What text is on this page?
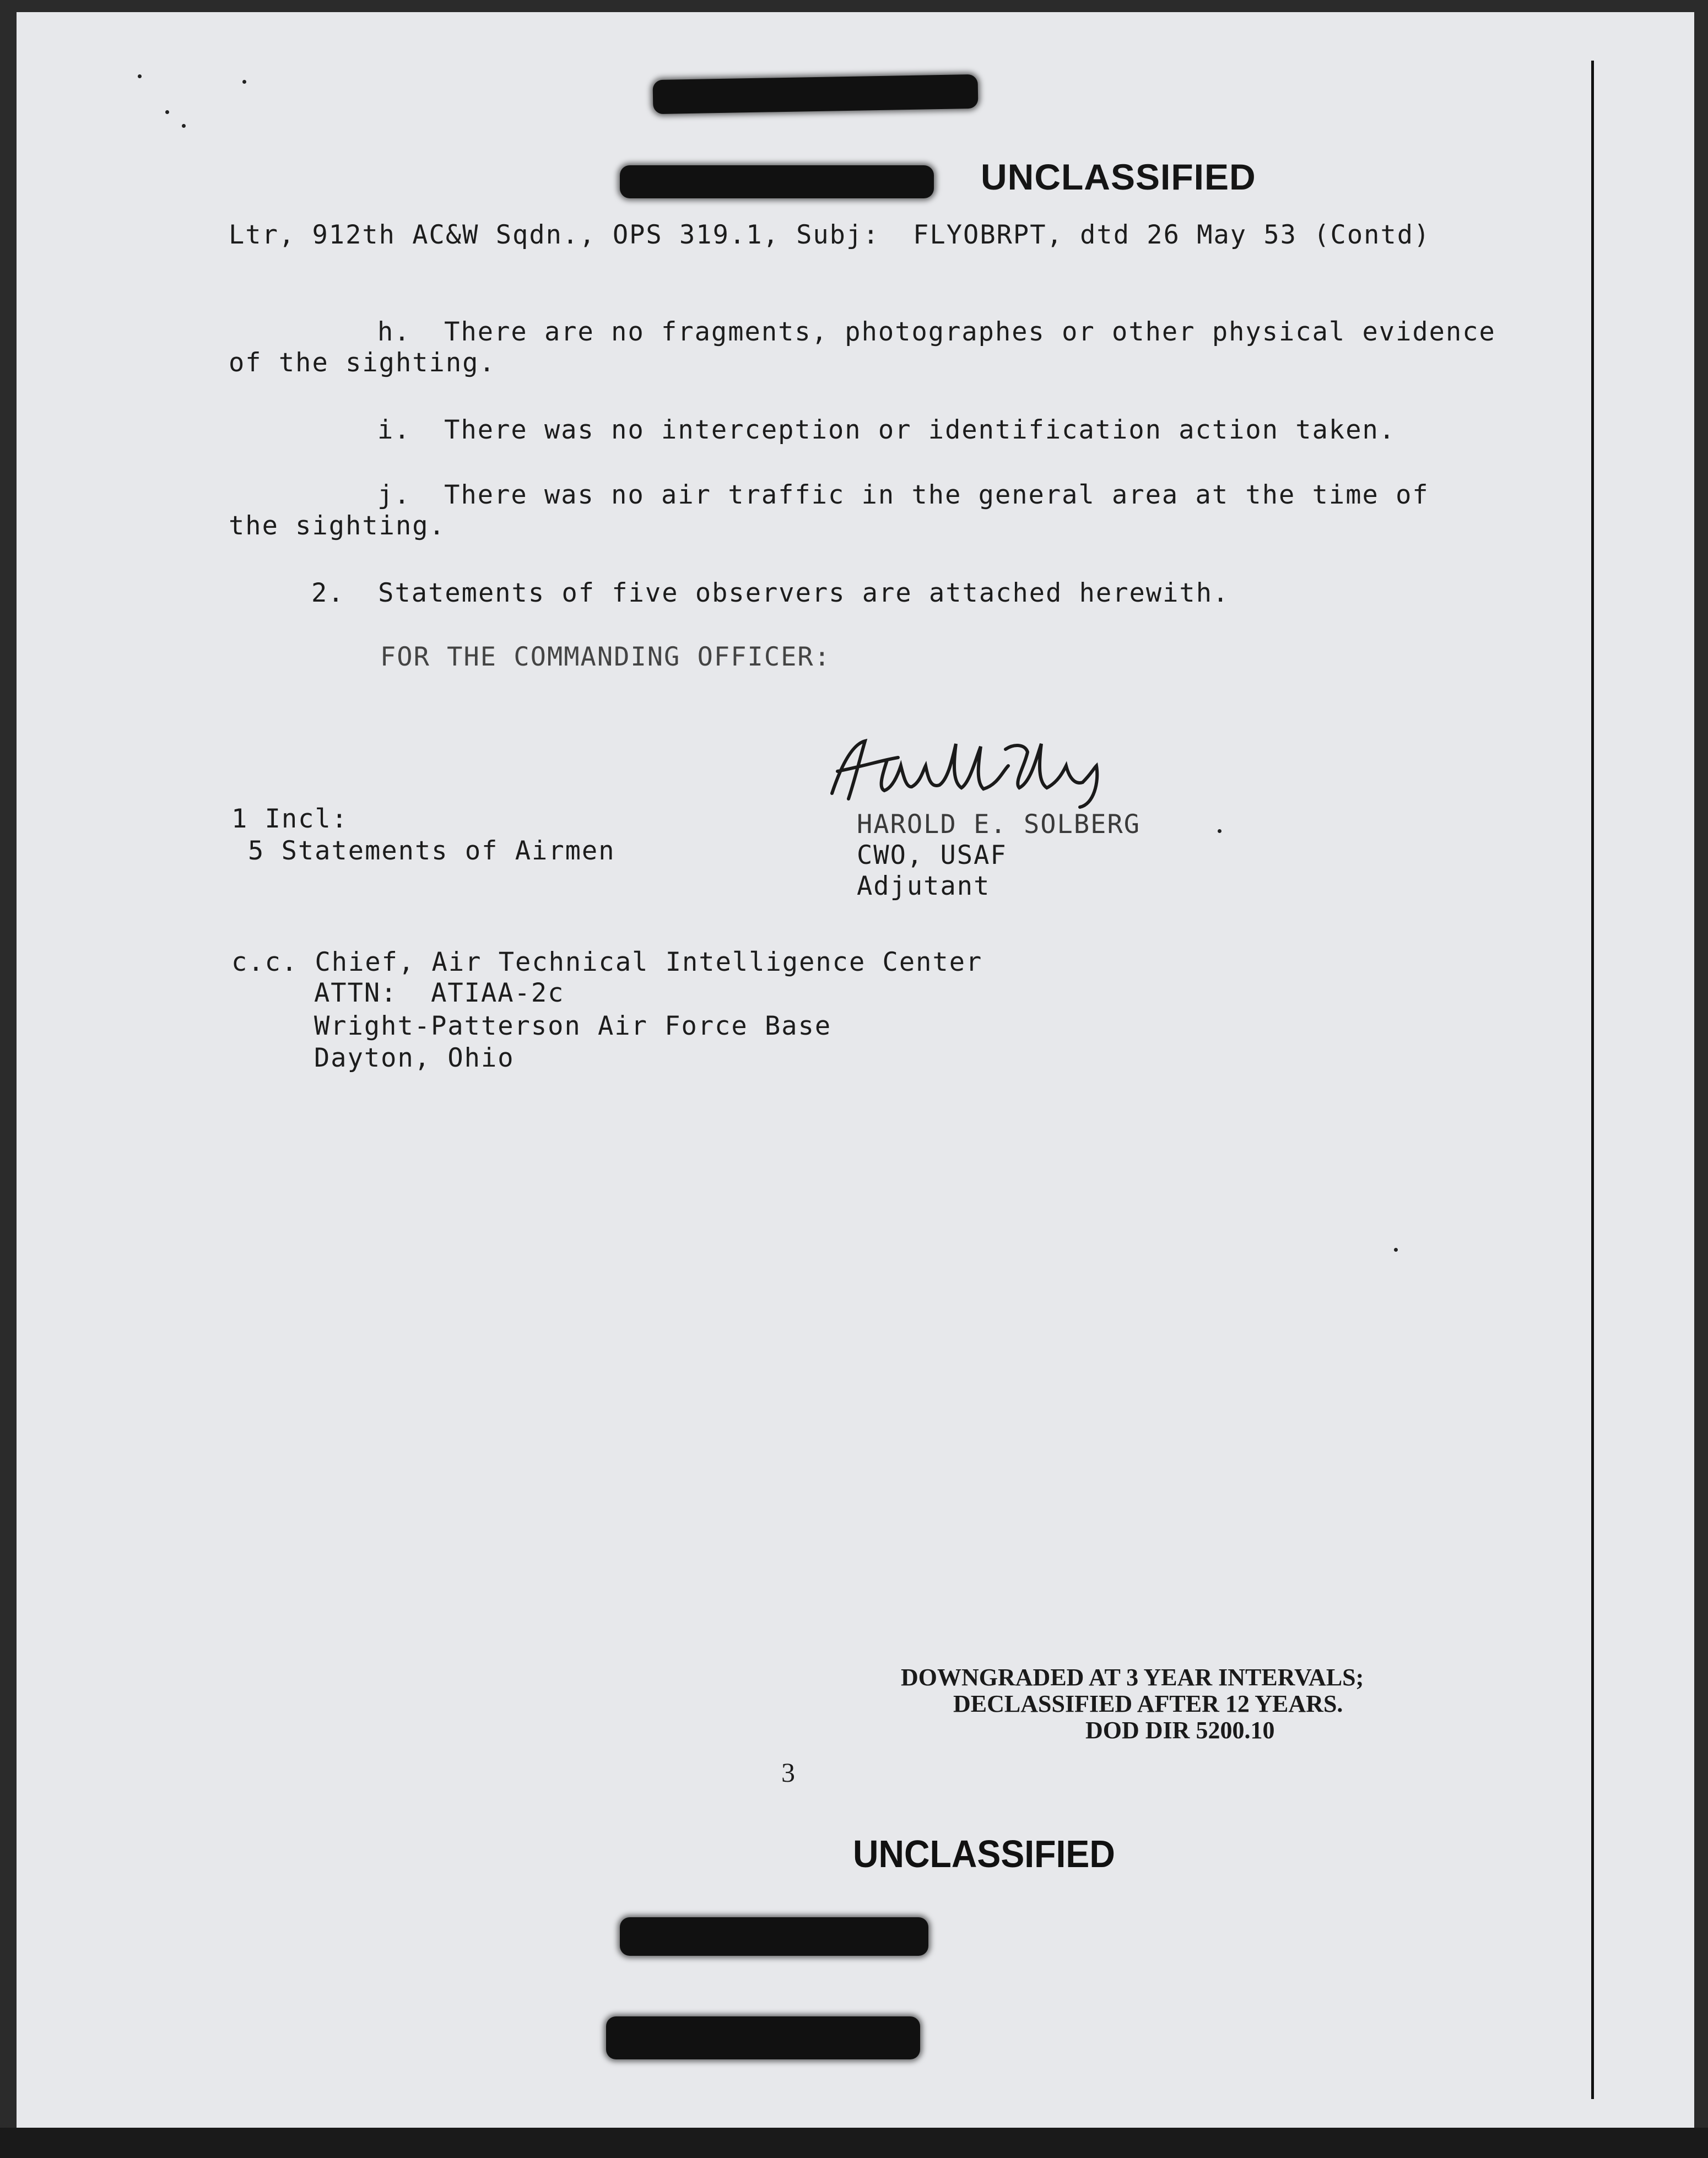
UNCLASSIFIED
Ltr, 912th AC&W Sqdn., OPS 319.1, Subj:  FLYOBRPT, dtd 26 May 53 (Contd)
h.  There are no fragments, photographes or other physical evidence
of the sighting.
i.  There was no interception or identification action taken.
j.  There was no air traffic in the general area at the time of
the sighting.
2.  Statements of five observers are attached herewith.
FOR THE COMMANDING OFFICER:
1 Incl:
5 Statements of Airmen
HAROLD E. SOLBERG
CWO, USAF
Adjutant
c.c. Chief, Air Technical Intelligence Center
ATTN:  ATIAA-2c
Wright-Patterson Air Force Base
Dayton, Ohio
DOWNGRADED AT 3 YEAR INTERVALS;
DECLASSIFIED AFTER 12 YEARS.
DOD DIR 5200.10
3
UNCLASSIFIED
